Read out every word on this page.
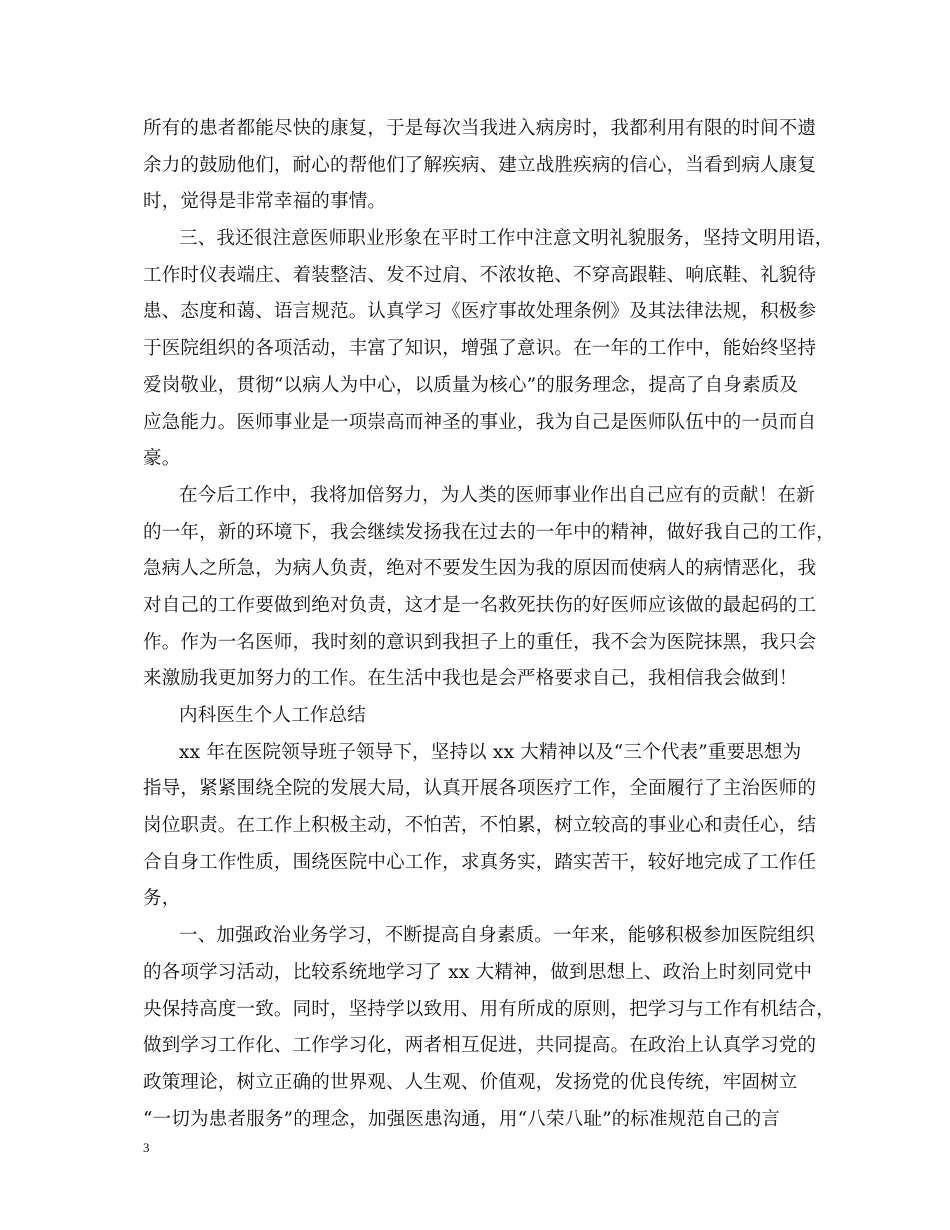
所有的患者都能尽快的康复，于是每次当我进入病房时，我都利用有限的时间不遗
余力的鼓励他们，耐心的帮他们了解疾病、建立战胜疾病的信心，当看到病人康复
时，觉得是非常幸福的事情。
三、我还很注意医师职业形象在平时工作中注意文明礼貌服务，坚持文明用语，
工作时仪表端庄、着装整洁、发不过肩、不浓妆艳、不穿高跟鞋、响底鞋、礼貌待
患、态度和蔼、语言规范。认真学习《医疗事故处理条例》及其法律法规，积极参
于医院组织的各项活动，丰富了知识，增强了意识。在一年的工作中，能始终坚持
爱岗敬业，贯彻“以病人为中心，以质量为核心”的服务理念，提高了自身素质及
应急能力。医师事业是一项崇高而神圣的事业，我为自己是医师队伍中的一员而自
豪。
在今后工作中，我将加倍努力，为人类的医师事业作出自己应有的贡献！在新
的一年，新的环境下，我会继续发扬我在过去的一年中的精神，做好我自己的工作，
急病人之所急，为病人负责，绝对不要发生因为我的原因而使病人的病情恶化，我
对自己的工作要做到绝对负责，这才是一名救死扶伤的好医师应该做的最起码的工
作。作为一名医师，我时刻的意识到我担子上的重任，我不会为医院抹黑，我只会
来激励我更加努力的工作。在生活中我也是会严格要求自己，我相信我会做到！
内科医生个人工作总结
xx 年在医院领导班子领导下，坚持以 xx 大精神以及“三个代表”重要思想为
指导，紧紧围绕全院的发展大局，认真开展各项医疗工作，全面履行了主治医师的
岗位职责。在工作上积极主动，不怕苦，不怕累，树立较高的事业心和责任心，结
合自身工作性质，围绕医院中心工作，求真务实，踏实苦干，较好地完成了工作任
务，
一、加强政治业务学习，不断提高自身素质。一年来，能够积极参加医院组织
的各项学习活动，比较系统地学习了 xx 大精神，做到思想上、政治上时刻同党中
央保持高度一致。同时，坚持学以致用、用有所成的原则，把学习与工作有机结合，
做到学习工作化、工作学习化，两者相互促进，共同提高。在政治上认真学习党的
政策理论，树立正确的世界观、人生观、价值观，发扬党的优良传统，牢固树立
“一切为患者服务”的理念，加强医患沟通，用“八荣八耻”的标准规范自己的言
3
